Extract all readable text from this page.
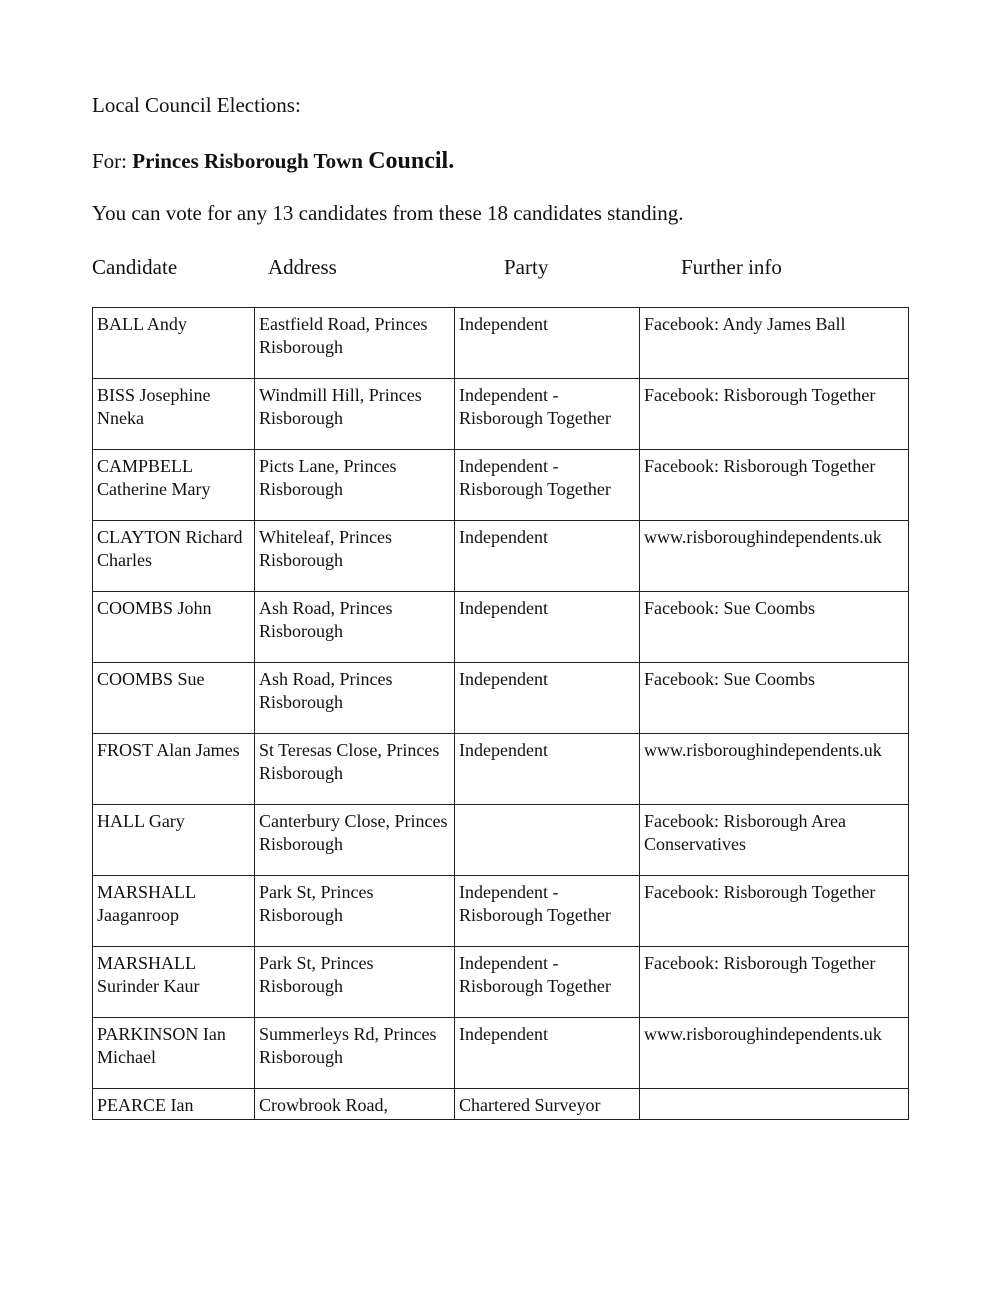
Local Council Elections:
For: Princes Risborough Town Council.
You can vote for any 13 candidates from these 18 candidates standing.
Candidate	Address	Party	Further info
BALL Andy	Eastfield Road, Princes Risborough	Independent	Facebook: Andy James Ball
BISS Josephine Nneka	Windmill Hill, Princes Risborough	Independent - Risborough Together	Facebook: Risborough Together
CAMPBELL Catherine Mary	Picts Lane, Princes Risborough	Independent - Risborough Together	Facebook: Risborough Together
CLAYTON Richard Charles	Whiteleaf, Princes Risborough	Independent	www.risboroughindependents.uk
COOMBS John	Ash Road, Princes Risborough	Independent	Facebook: Sue Coombs
COOMBS Sue	Ash Road, Princes Risborough	Independent	Facebook: Sue Coombs
FROST Alan James	St Teresas Close, Princes Risborough	Independent	www.risboroughindependents.uk
HALL Gary	Canterbury Close, Princes Risborough		Facebook: Risborough Area Conservatives
MARSHALL Jaaganroop	Park St, Princes Risborough	Independent - Risborough Together	Facebook: Risborough Together
MARSHALL Surinder Kaur	Park St, Princes Risborough	Independent - Risborough Together	Facebook: Risborough Together
PARKINSON Ian Michael	Summerleys Rd, Princes Risborough	Independent	www.risboroughindependents.uk
PEARCE Ian	Crowbrook Road,	Chartered Surveyor	
